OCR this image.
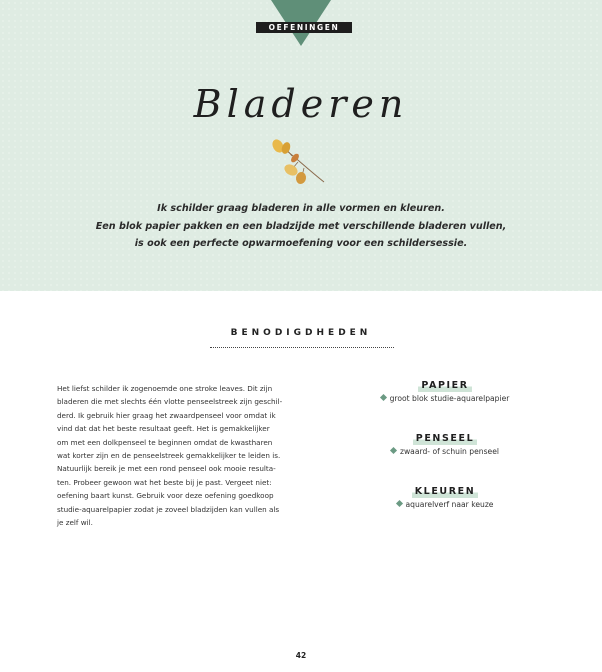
OEFENINGEN
Bladeren
Ik schilder graag bladeren in alle vormen en kleuren.
Een blok papier pakken en een bladzijde met verschillende bladeren vullen,
is ook een perfecte opwarmoefening voor een schildersessie.
BENODIGDHEDEN
Het liefst schilder ik zogenoemde one stroke leaves. Dit zijn
bladeren die met slechts één vlotte penseelstreek zijn geschil-
derd. Ik gebruik hier graag het zwaardpenseel voor omdat ik
vind dat dat het beste resultaat geeft. Het is gemakkelijker
om met een dolkpenseel te beginnen omdat de kwastharen
wat korter zijn en de penseelstreek gemakkelijker te leiden is.
Natuurlijk bereik je met een rond penseel ook mooie resulta-
ten. Probeer gewoon wat het beste bij je past. Vergeet niet:
oefening baart kunst. Gebruik voor deze oefening goedkoop
studie-aquarelpapier zodat je zoveel bladzijden kan vullen als
je zelf wil.
PAPIER
groot blok studie-aquarelpapier
PENSEEL
zwaard- of schuin penseel
KLEUREN
aquarelverf naar keuze
42
